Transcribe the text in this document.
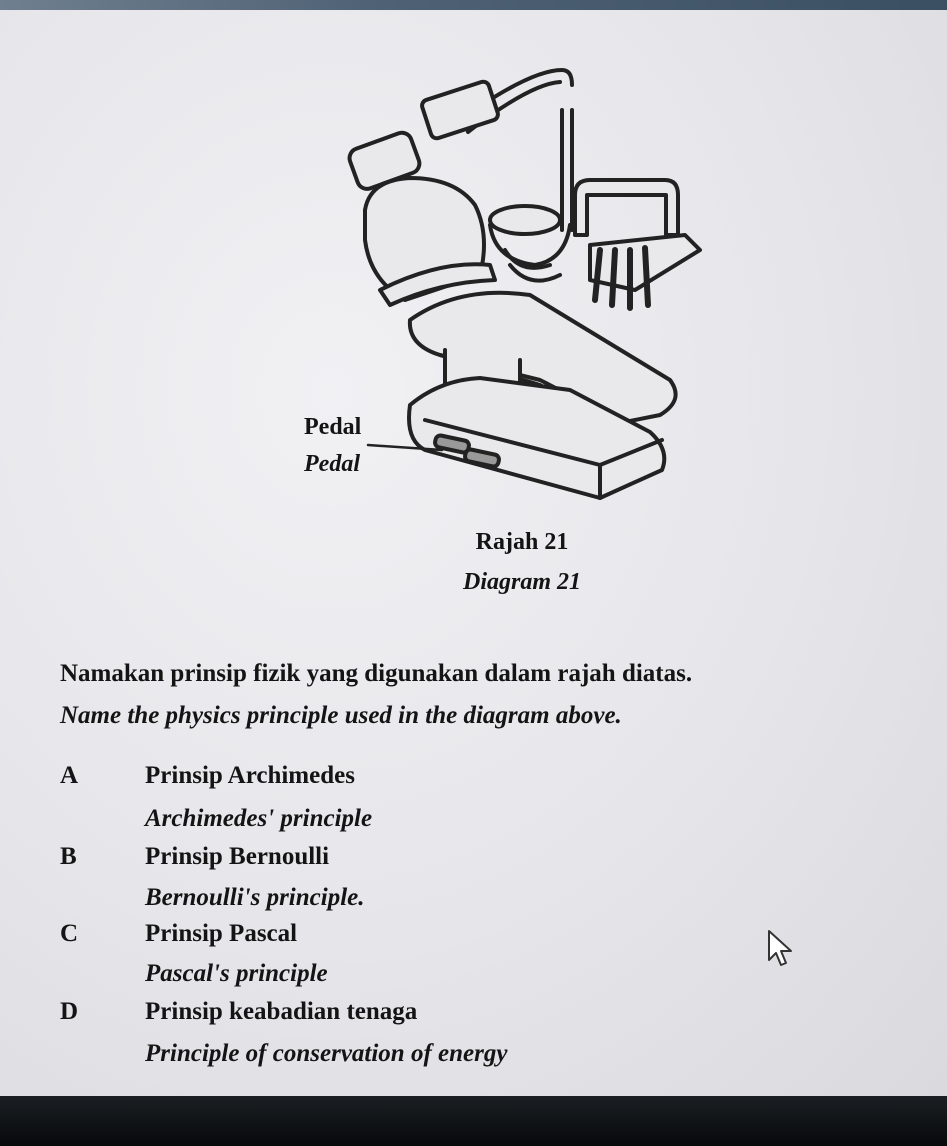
Pedal
Pedal
Rajah 21
Diagram 21
Namakan prinsip fizik yang digunakan dalam rajah diatas.
Name the physics principle used in the diagram above.
A	Prinsip Archimedes
Archimedes' principle
B	Prinsip Bernoulli
Bernoulli's principle.
C	Prinsip Pascal
Pascal's principle
D	Prinsip keabadian tenaga
Principle of conservation of energy
